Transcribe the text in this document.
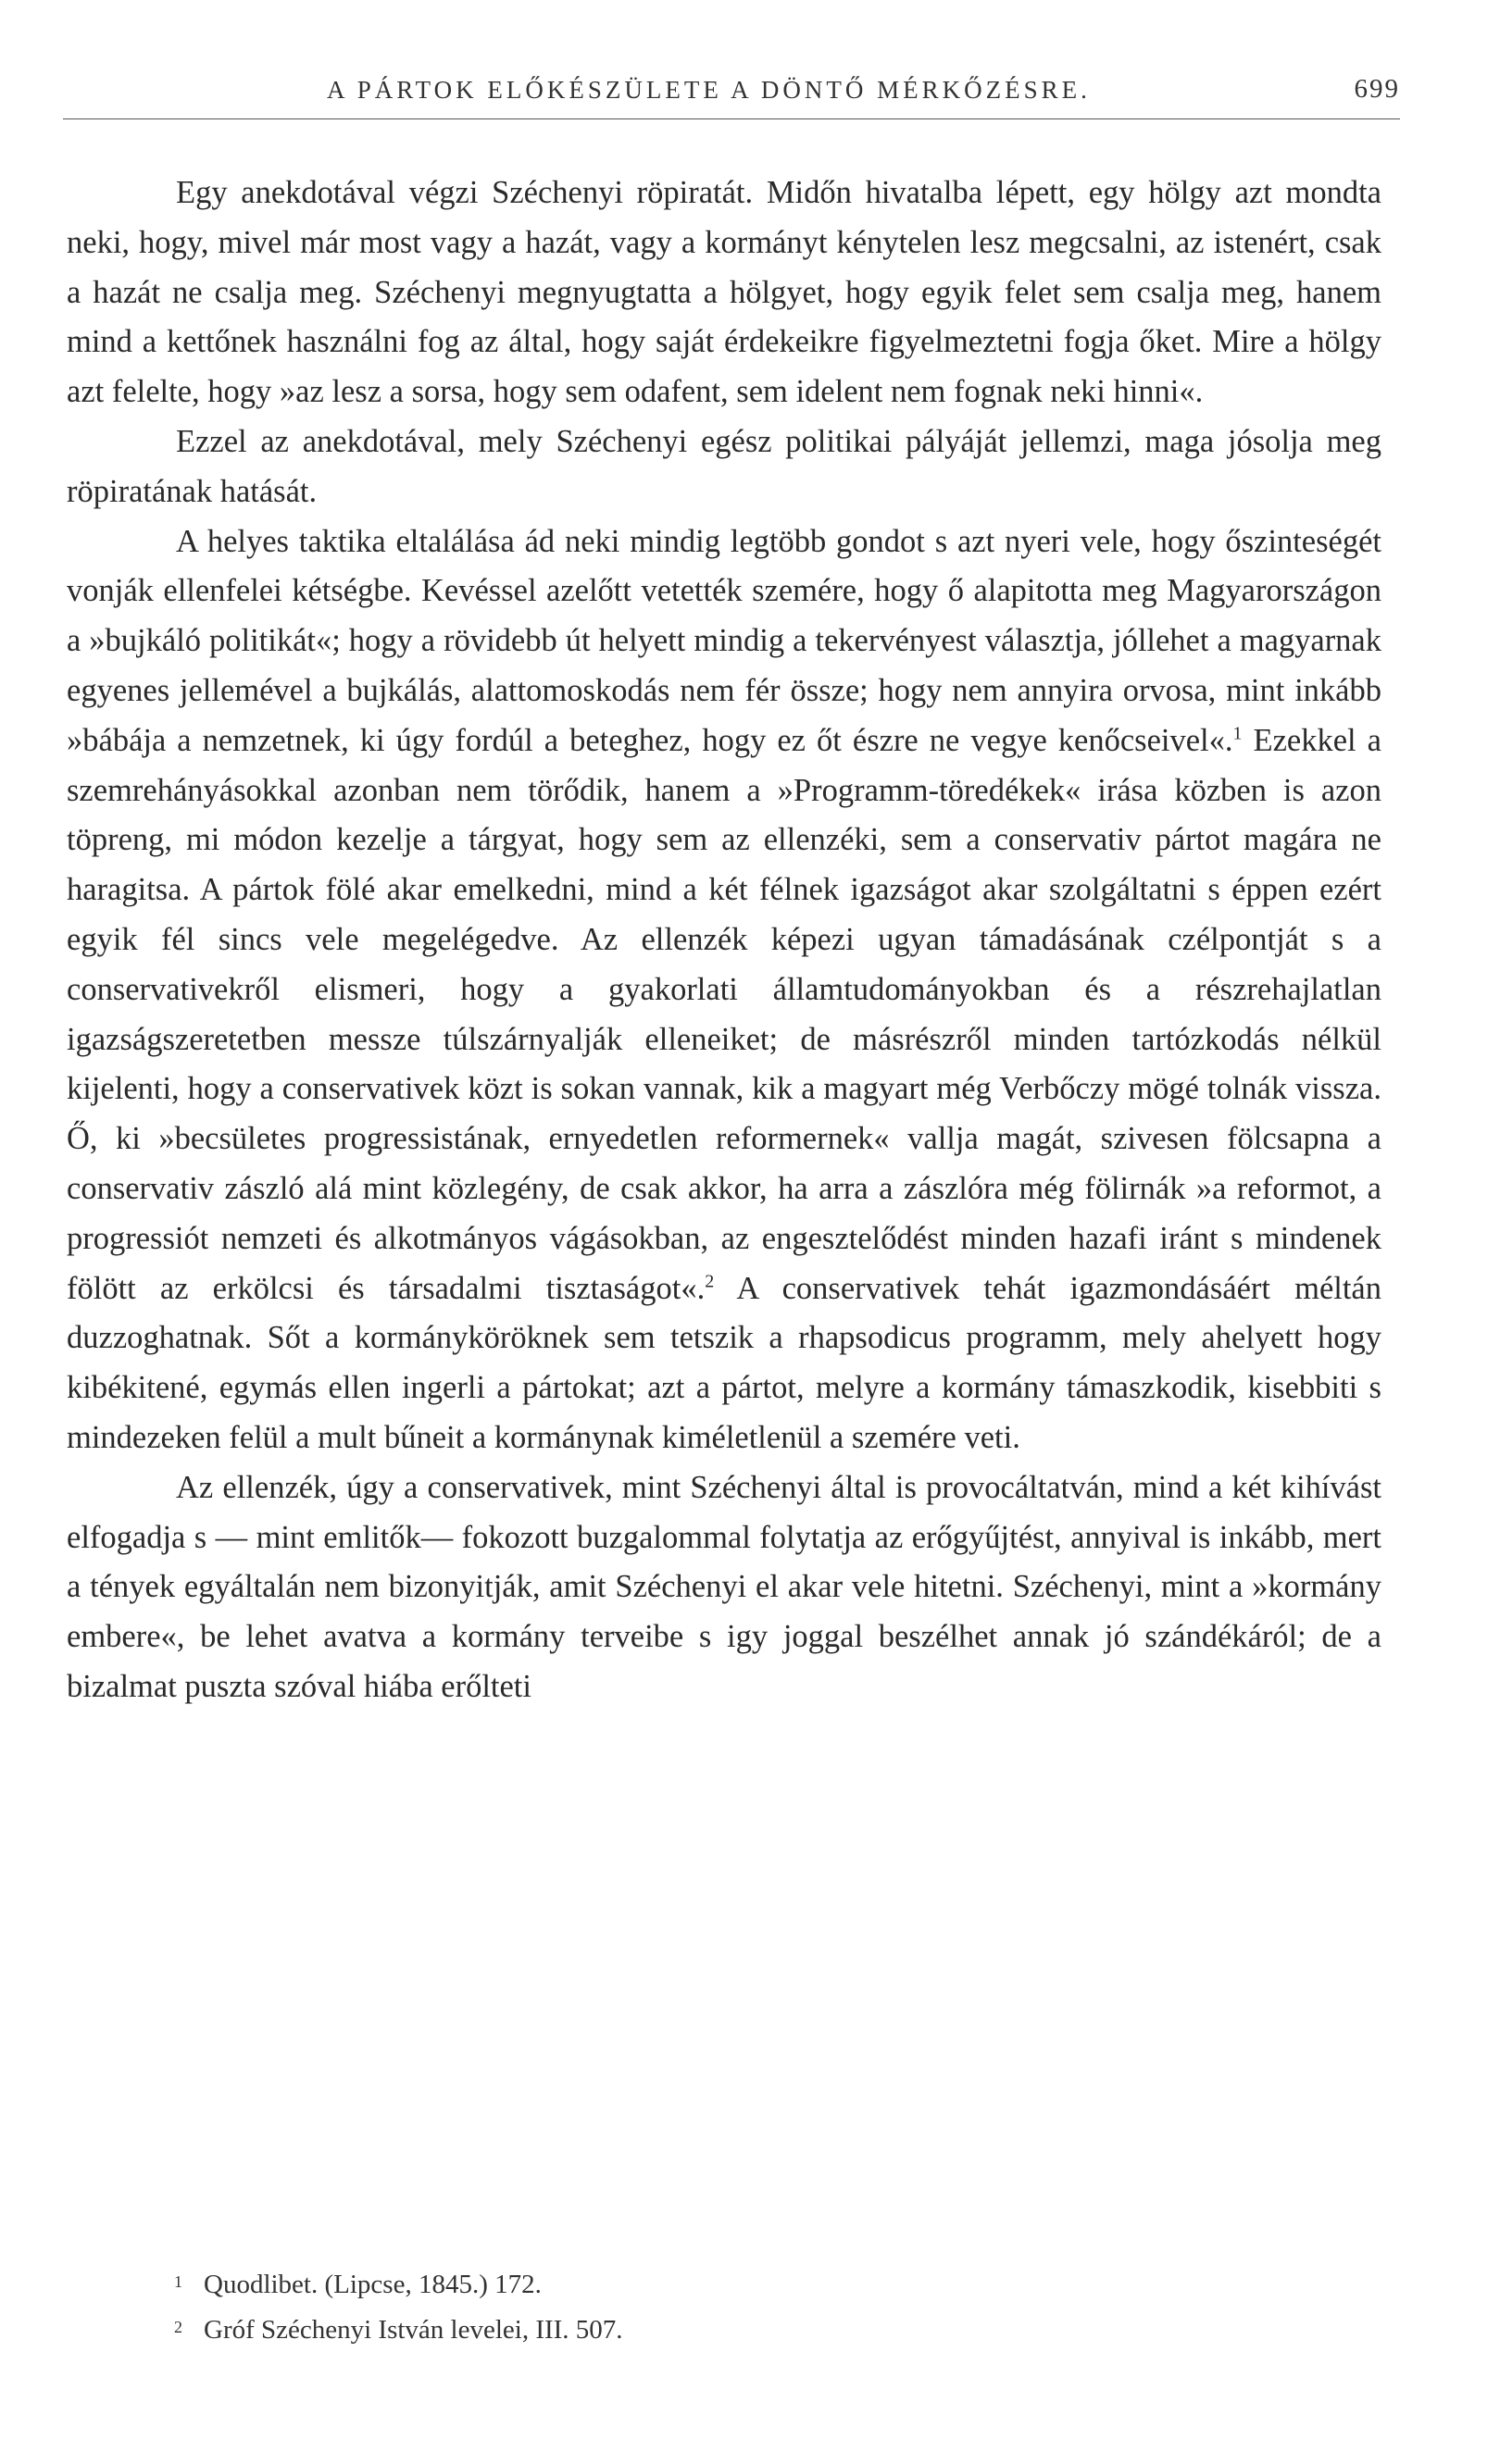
A PÁRTOK ELŐKÉSZÜLETE A DÖNTŐ MÉRKŐZÉSRE.	699

Egy anekdotával végzi Széchenyi röpiratát. Midőn hivatalba lépett, egy hölgy azt mondta neki, hogy, mivel már most vagy a hazát, vagy a kormányt kénytelen lesz megcsalni, az istenért, csak a hazát ne csalja meg. Széchenyi megnyugtatta a hölgyet, hogy egyik felet sem csalja meg, hanem mind a kettőnek használni fog az által, hogy saját érdekeikre figyelmeztetni fogja őket. Mire a hölgy azt felelte, hogy »az lesz a sorsa, hogy sem odafent, sem idelent nem fognak neki hinni«.

Ezzel az anekdotával, mely Széchenyi egész politikai pályáját jellemzi, maga jósolja meg röpiratának hatását.

A helyes taktika eltalálása ád neki mindig legtöbb gondot s azt nyeri vele, hogy őszinteségét vonják ellenfelei kétségbe. Kevéssel azelőtt vetették szemére, hogy ő alapitotta meg Magyarországon a »bujkáló politikát«; hogy a rövidebb út helyett mindig a tekervényest választja, jóllehet a magyarnak egyenes jellemével a bujkálás, alattomoskodás nem fér össze; hogy nem annyira orvosa, mint inkább »bábája a nemzetnek, ki úgy fordúl a beteghez, hogy ez őt észre ne vegye kenőcseivel«.$^1$ Ezekkel a szemrehányásokkal azonban nem törődik, hanem a »Programm-töredékek« irása közben is azon töpreng, mi módon kezelje a tárgyat, hogy sem az ellenzéki, sem a conservativ pártot magára ne haragitsa. A pártok fölé akar emelkedni, mind a két félnek igazságot akar szolgáltatni s éppen ezért egyik fél sincs vele megelégedve. Az ellenzék képezi ugyan támadásának czélpontját s a conservativekről elismeri, hogy a gyakorlati államtudományokban és a részrehajlatlan igazságszeretetben messze túlszárnyalják elleneiket; de másrészről minden tartózkodás nélkül kijelenti, hogy a conservativek közt is sokan vannak, kik a magyart még Verbőczy mögé tolnák vissza. Ő, ki »becsületes progressistának, ernyedetlen reformernek« vallja magát, szivesen fölcsapna a conservativ zászló alá mint közlegény, de csak akkor, ha arra a zászlóra még fölirnák »a reformot, a progressiót nemzeti és alkotmányos vágásokban, az engesztelődést minden hazafi iránt s mindenek fölött az erkölcsi és társadalmi tisztaságot«.$^2$ A conservativek tehát igazmondásáért méltán duzzoghatnak. Sőt a kormányköröknek sem tetszik a rhapsodicus programm, mely ahelyett hogy kibékitené, egymás ellen ingerli a pártokat; azt a pártot, melyre a kormány támaszkodik, kisebbiti s mindezeken felül a mult bűneit a kormánynak kiméletlenül a szemére veti.

Az ellenzék, úgy a conservativek, mint Széchenyi által is provocáltatván, mind a két kihívást elfogadja s — mint emlitők— fokozott buzgalommal folytatja az erőgyűjtést, annyival is inkább, mert a tények egyáltalán nem bizonyitják, amit Széchenyi el akar vele hitetni. Széchenyi, mint a »kormány embere«, be lehet avatva a kormány terveibe s igy joggal beszélhet annak jó szándékáról; de a bizalmat puszta szóval hiába erőlteti

1 Quodlibet. (Lipcse, 1845.) 172.
2 Gróf Széchenyi István levelei, III. 507.
